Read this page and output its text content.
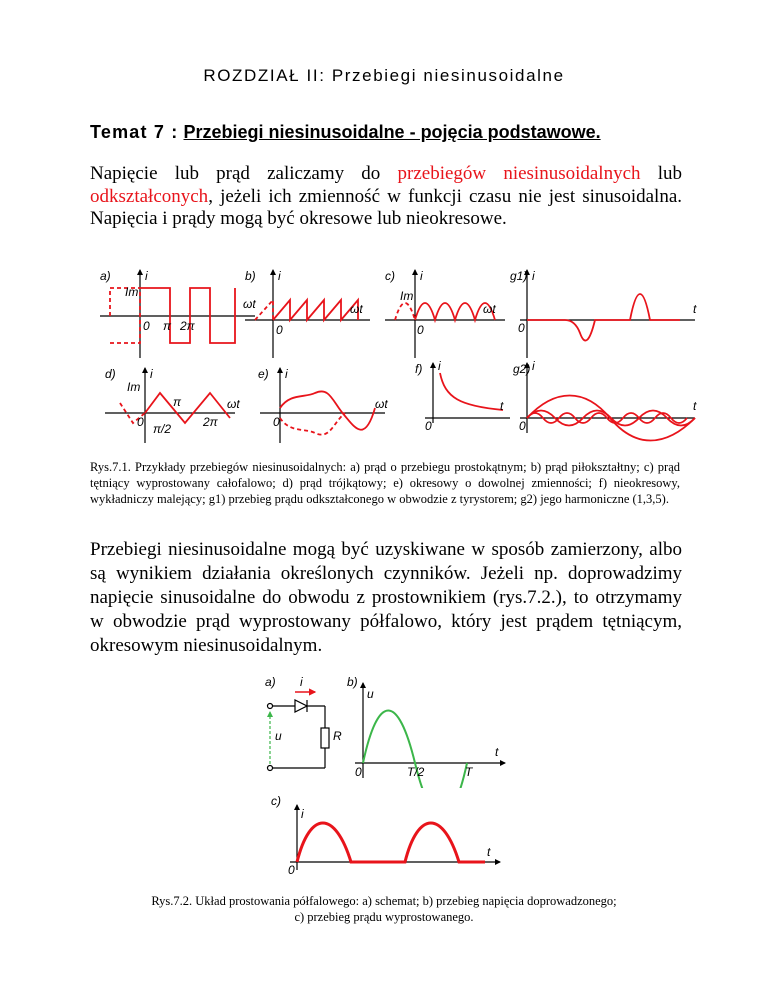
ROZDZIAŁ II: Przebiegi niesinusoidalne
Temat 7 : Przebiegi niesinusoidalne - pojęcia podstawowe.
Napięcie lub prąd zaliczamy do przebiegów niesinusoidalnych lub odkształconych, jeżeli ich zmienność w funkcji czasu nie jest sinusoidalna. Napięcia i prądy mogą być okresowe lub nieokresowe.
a)	b)	c)	g1)
d)	e)	f)	g2)
i	i	i	i
i	i
i	i
ωt	ωt	ωt
ωt	ωt
t
t	t
0	0	0	0
0	0	0	0
Im	Im
Im
π 2π
π
2π
π/2
Rys.7.1. Przykłady przebiegów niesinusoidalnych: a) prąd o przebiegu prostokątnym; b) prąd piłokształtny; c) prąd tętniący wyprostowany całofalowo; d) prąd trójkątowy; e) okresowy o dowolnej zmienności; f) nieokresowy, wykładniczy malejący; g1) przebieg prądu odkształconego w obwodzie z tyrystorem; g2) jego harmoniczne (1,3,5).
Przebiegi niesinusoidalne mogą być uzyskiwane w sposób zamierzony, albo są wynikiem działania określonych czynników. Jeżeli np. doprowadzimy napięcie sinusoidalne do obwodu z prostownikiem (rys.7.2.), to otrzymamy w obwodzie prąd wyprostowany półfalowo, który jest prądem tętniącym, okresowym niesinusoidalnym.
a)	b)
i
u	R
u
0	T/2	T
t
c)
i
0
t
Rys.7.2. Układ prostowania półfalowego: a) schemat; b) przebieg napięcia doprowadzonego;
c) przebieg prądu wyprostowanego.
